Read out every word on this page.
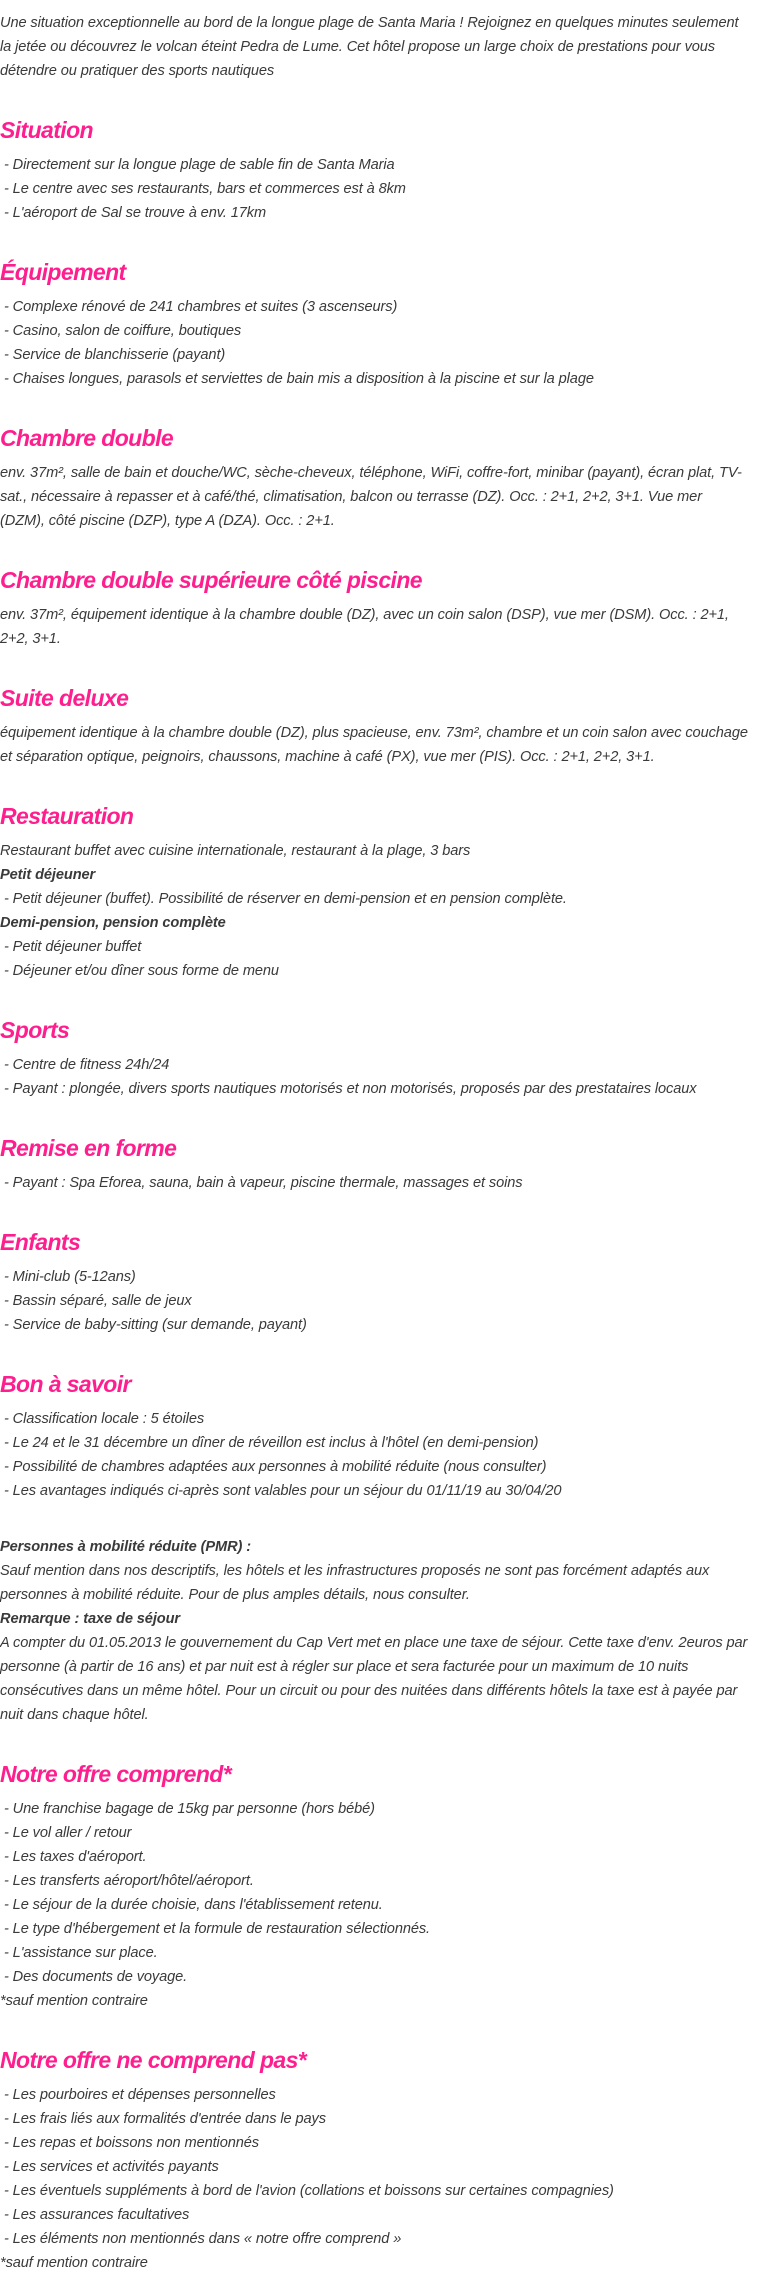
Une situation exceptionnelle au bord de la longue plage de Santa Maria ! Rejoignez en quelques minutes seulement la jetée ou découvrez le volcan éteint Pedra de Lume. Cet hôtel propose un large choix de prestations pour vous détendre ou pratiquer des sports nautiques

Situation

- Directement sur la longue plage de sable fin de Santa Maria

- Le centre avec ses restaurants, bars et commerces est à 8km

- L'aéroport de Sal se trouve à env. 17km

Équipement

- Complexe rénové de 241 chambres et suites (3 ascenseurs)

- Casino, salon de coiffure, boutiques

- Service de blanchisserie (payant)

- Chaises longues, parasols et serviettes de bain mis a disposition à la piscine et sur la plage

Chambre double

env. 37m², salle de bain et douche/WC, sèche-cheveux, téléphone, WiFi, coffre-fort, minibar (payant), écran plat, TV-sat., nécessaire à repasser et à café/thé, climatisation, balcon ou terrasse (DZ). Occ. : 2+1, 2+2, 3+1. Vue mer (DZM), côté piscine (DZP), type A (DZA). Occ. : 2+1.

Chambre double supérieure côté piscine

env. 37m², équipement identique à la chambre double (DZ), avec un coin salon (DSP), vue mer (DSM). Occ. : 2+1, 2+2, 3+1.

Suite deluxe

équipement identique à la chambre double (DZ), plus spacieuse, env. 73m², chambre et un coin salon avec couchage et séparation optique, peignoirs, chaussons, machine à café (PX), vue mer (PIS). Occ. : 2+1, 2+2, 3+1.

Restauration

Restaurant buffet avec cuisine internationale, restaurant à la plage, 3 bars

Petit déjeuner

- Petit déjeuner (buffet). Possibilité de réserver en demi-pension et en pension complète.

Demi-pension, pension complète

- Petit déjeuner buffet

- Déjeuner et/ou dîner sous forme de menu

Sports

- Centre de fitness 24h/24

- Payant : plongée, divers sports nautiques motorisés et non motorisés, proposés par des prestataires locaux

Remise en forme

- Payant : Spa Eforea, sauna, bain à vapeur, piscine thermale, massages et soins

Enfants

- Mini-club (5-12ans)

- Bassin séparé, salle de jeux

- Service de baby-sitting (sur demande, payant)

Bon à savoir

- Classification locale : 5 étoiles

- Le 24 et le 31 décembre un dîner de réveillon est inclus à l'hôtel (en demi-pension)

- Possibilité de chambres adaptées aux personnes à mobilité réduite (nous consulter)

- Les avantages indiqués ci-après sont valables pour un séjour du 01/11/19 au 30/04/20

Personnes à mobilité réduite (PMR) :

Sauf mention dans nos descriptifs, les hôtels et les infrastructures proposés ne sont pas forcément adaptés aux personnes à mobilité réduite. Pour de plus amples détails, nous consulter.

Remarque : taxe de séjour

A compter du 01.05.2013 le gouvernement du Cap Vert met en place une taxe de séjour. Cette taxe d'env. 2euros par personne (à partir de 16 ans) et par nuit est à régler sur place et sera facturée pour un maximum de 10 nuits consécutives dans un même hôtel. Pour un circuit ou pour des nuitées dans différents hôtels la taxe est à payée par nuit dans chaque hôtel.

Notre offre comprend*

- Une franchise bagage de 15kg par personne (hors bébé)

- Le vol aller / retour

- Les taxes d'aéroport.

- Les transferts aéroport/hôtel/aéroport.

- Le séjour de la durée choisie, dans l'établissement retenu.

- Le type d'hébergement et la formule de restauration sélectionnés.

- L'assistance sur place.

- Des documents de voyage.

*sauf mention contraire

Notre offre ne comprend pas*

- Les pourboires et dépenses personnelles

- Les frais liés aux formalités d'entrée dans le pays

- Les repas et boissons non mentionnés

- Les services et activités payants

- Les éventuels suppléments à bord de l'avion (collations et boissons sur certaines compagnies)

- Les assurances facultatives

- Les éléments non mentionnés dans « notre offre comprend »

*sauf mention contraire
